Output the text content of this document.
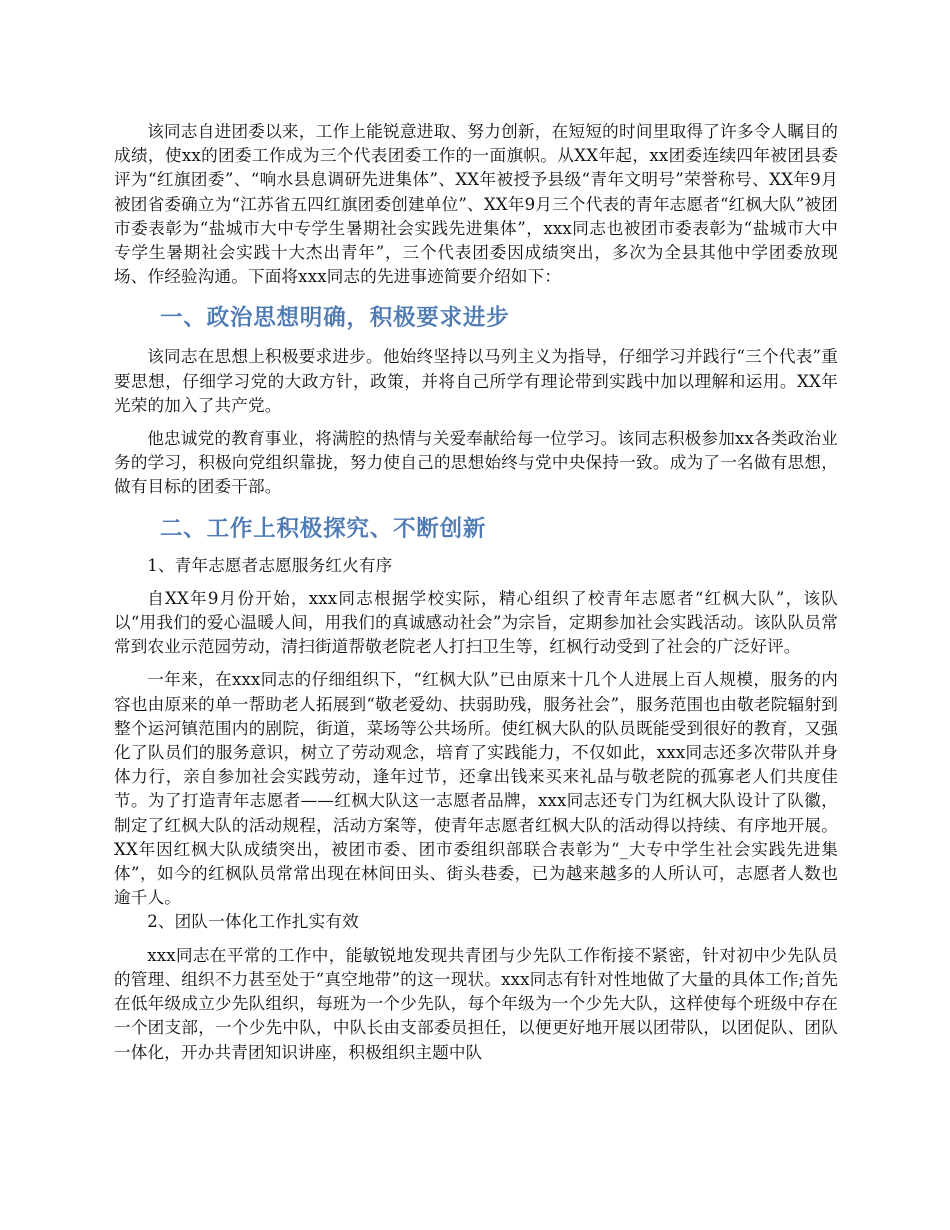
该同志自进团委以来，工作上能锐意进取、努力创新，在短短的时间里取得了许多令人瞩目的成绩，使xx的团委工作成为三个代表团委工作的一面旗帜。从XX年起，xx团委连续四年被团县委评为“红旗团委”、“响水县息调研先进集体”、XX年被授予县级“青年文明号”荣誉称号、XX年9月被团省委确立为“江苏省五四红旗团委创建单位”、XX年9月三个代表的青年志愿者“红枫大队”被团市委表彰为“盐城市大中专学生暑期社会实践先进集体”，xxx同志也被团市委表彰为“盐城市大中专学生暑期社会实践十大杰出青年”，三个代表团委因成绩突出，多次为全县其他中学团委放现场、作经验沟通。下面将xxx同志的先进事迹简要介绍如下：

一、政治思想明确，积极要求进步

该同志在思想上积极要求进步。他始终坚持以马列主义为指导，仔细学习并践行“三个代表”重要思想，仔细学习党的大政方针，政策，并将自己所学有理论带到实践中加以理解和运用。XX年光荣的加入了共产党。

他忠诚党的教育事业，将满腔的热情与关爱奉献给每一位学习。该同志积极参加xx各类政治业务的学习，积极向党组织靠拢，努力使自己的思想始终与党中央保持一致。成为了一名做有思想，做有目标的团委干部。

二、工作上积极探究、不断创新

1、青年志愿者志愿服务红火有序

自XX年9月份开始，xxx同志根据学校实际，精心组织了校青年志愿者“红枫大队”，该队以“用我们的爱心温暖人间，用我们的真诚感动社会”为宗旨，定期参加社会实践活动。该队队员常常到农业示范园劳动，清扫街道帮敬老院老人打扫卫生等，红枫行动受到了社会的广泛好评。

一年来，在xxx同志的仔细组织下，“红枫大队”已由原来十几个人进展上百人规模，服务的内容也由原来的单一帮助老人拓展到“敬老爱幼、扶弱助残，服务社会”，服务范围也由敬老院辐射到整个运河镇范围内的剧院，街道，菜场等公共场所。使红枫大队的队员既能受到很好的教育，又强化了队员们的服务意识，树立了劳动观念，培育了实践能力，不仅如此，xxx同志还多次带队并身体力行，亲自参加社会实践劳动，逢年过节，还拿出钱来买来礼品与敬老院的孤寡老人们共度佳节。为了打造青年志愿者——红枫大队这一志愿者品牌，xxx同志还专门为红枫大队设计了队徽，制定了红枫大队的活动规程，活动方案等，使青年志愿者红枫大队的活动得以持续、有序地开展。XX年因红枫大队成绩突出，被团市委、团市委组织部联合表彰为“_大专中学生社会实践先进集体”，如今的红枫队员常常出现在林间田头、街头巷委，已为越来越多的人所认可，志愿者人数也逾千人。

2、团队一体化工作扎实有效

xxx同志在平常的工作中，能敏锐地发现共青团与少先队工作衔接不紧密，针对初中少先队员的管理、组织不力甚至处于“真空地带”的这一现状。xxx同志有针对性地做了大量的具体工作;首先在低年级成立少先队组织，每班为一个少先队，每个年级为一个少先大队，这样使每个班级中存在一个团支部，一个少先中队，中队长由支部委员担任，以便更好地开展以团带队，以团促队、团队一体化，开办共青团知识讲座，积极组织主题中队
